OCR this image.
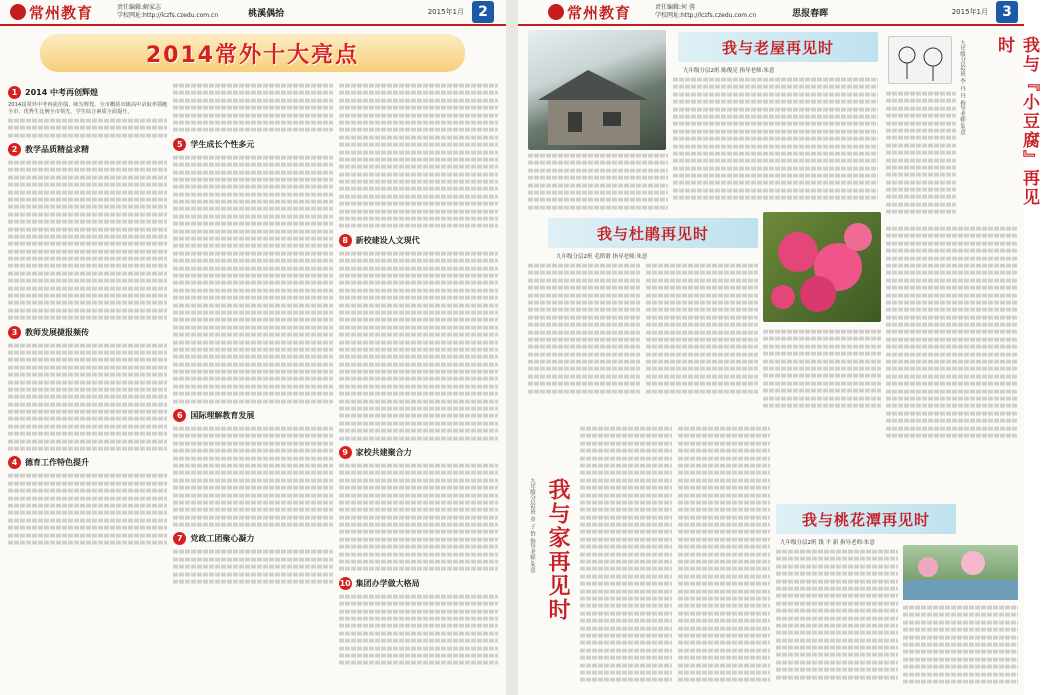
常州教育	责任编辑:解家志
学校网址:http://lczfs.czedu.com.cn	桃溪偶拾	2015年1月	2
2014常外十大亮点
1 2014 中考再创辉煌

2014届常外中考再获佳绩，续写辉煌。全市概括市级高中录取率领跑全市，优秀生比例全市领先，学生综合素质全面提升。

2 教学品质精益求精
3 教师发展捷报频传
4 德育工作特色提升
5 学生成长个性多元
6 国际理解教育发展
7 党政工团聚心凝力
8 新校建设人文现代
9 家校共建聚合力
10 集团办学做大格局
常州教育	责任编辑:何 蓉
学校网址:http://lczfs.czedu.com.cn	思报春晖	2015年1月	3
我与老屋再见时
九年级分层2班 陈俊亮 指导老师:朱意
我与杜鹃再见时
九年级分层2班 毛斯谐 指导老师:朱意
我与『小豆腐』再见时
九年级分层2班 李 丹 丹 指导老师:朱意
我与家再见时
九年级分层2班 金 子 怡 指导老师:朱意	我与桃花潭再见时
九年级分层2班 钱 平 新 指导老师:朱意
